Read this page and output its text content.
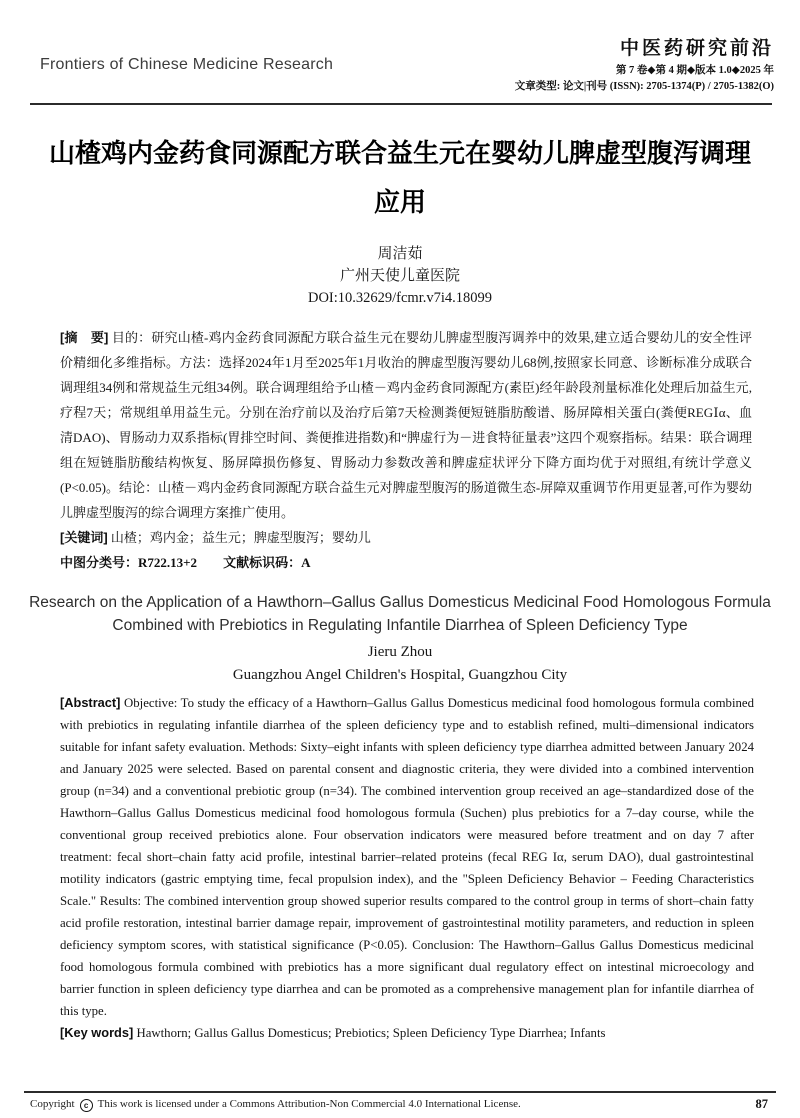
Frontiers of Chinese Medicine Research
中医药研究前沿
第 7 卷◆第 4 期◆版本 1.0◆2025 年
文章类型: 论文|刊号 (ISSN): 2705-1374(P) / 2705-1382(O)
山楂鸡内金药食同源配方联合益生元在婴幼儿脾虚型腹泻调理
应用
周洁茹
广州天使儿童医院
DOI:10.32629/fcmr.v7i4.18099

[摘　要] 目的：研究山楂-鸡内金药食同源配方联合益生元在婴幼儿脾虚型腹泻调养中的效果,建立适合婴幼儿的安全性评价精细化多维指标。方法：选择2024年1月至2025年1月收治的脾虚型腹泻婴幼儿68例,按照家长同意、诊断标准分成联合调理组34例和常规益生元组34例。联合调理组给予山楂－鸡内金药食同源配方(素臣)经年龄段剂量标准化处理后加益生元,疗程7天；常规组单用益生元。分别在治疗前以及治疗后第7天检测粪便短链脂肪酸谱、肠屏障相关蛋白(粪便REGⅠα、血清DAO)、胃肠动力双系指标(胃排空时间、粪便推进指数)和“脾虚行为－进食特征量表”这四个观察指标。结果：联合调理组在短链脂肪酸结构恢复、肠屏障损伤修复、胃肠动力参数改善和脾虚症状评分下降方面均优于对照组,有统计学意义(P<0.05)。结论：山楂－鸡内金药食同源配方联合益生元对脾虚型腹泻的肠道微生态-屏障双重调节作用更显著,可作为婴幼儿脾虚型腹泻的综合调理方案推广使用。

[关键词] 山楂；鸡内金；益生元；脾虚型腹泻；婴幼儿

中图分类号：R722.13+2 文献标识码：A

Research on the Application of a Hawthorn–Gallus Gallus Domesticus Medicinal Food Homologous Formula
Combined with Prebiotics in Regulating Infantile Diarrhea of Spleen Deficiency Type
Jieru Zhou
Guangzhou Angel Children's Hospital, Guangzhou City

[Abstract] Objective: To study the efficacy of a Hawthorn–Gallus Gallus Domesticus medicinal food homologous formula combined with prebiotics in regulating infantile diarrhea of the spleen deficiency type and to establish refined, multi–dimensional indicators suitable for infant safety evaluation. Methods: Sixty–eight infants with spleen deficiency type diarrhea admitted between January 2024 and January 2025 were selected. Based on parental consent and diagnostic criteria, they were divided into a combined intervention group (n=34) and a conventional prebiotic group (n=34). The combined intervention group received an age–standardized dose of the Hawthorn–Gallus Gallus Domesticus medicinal food homologous formula (Suchen) plus prebiotics for a 7–day course, while the conventional group received prebiotics alone. Four observation indicators were measured before treatment and on day 7 after treatment: fecal short–chain fatty acid profile, intestinal barrier–related proteins (fecal REG Iα, serum DAO), dual gastrointestinal motility indicators (gastric emptying time, fecal propulsion index), and the "Spleen Deficiency Behavior – Feeding Characteristics Scale." Results: The combined intervention group showed superior results compared to the control group in terms of short–chain fatty acid profile restoration, intestinal barrier damage repair, improvement of gastrointestinal motility parameters, and reduction in spleen deficiency symptom scores, with statistical significance (P<0.05). Conclusion: The Hawthorn–Gallus Gallus Domesticus medicinal food homologous formula combined with prebiotics has a more significant dual regulatory effect on intestinal microecology and barrier function in spleen deficiency type diarrhea and can be promoted as a comprehensive management plan for infantile diarrhea of this type.

[Key words] Hawthorn; Gallus Gallus Domesticus; Prebiotics; Spleen Deficiency Type Diarrhea; Infants

Copyright c This work is licensed under a Commons Attribution-Non Commercial 4.0 International License.	87
